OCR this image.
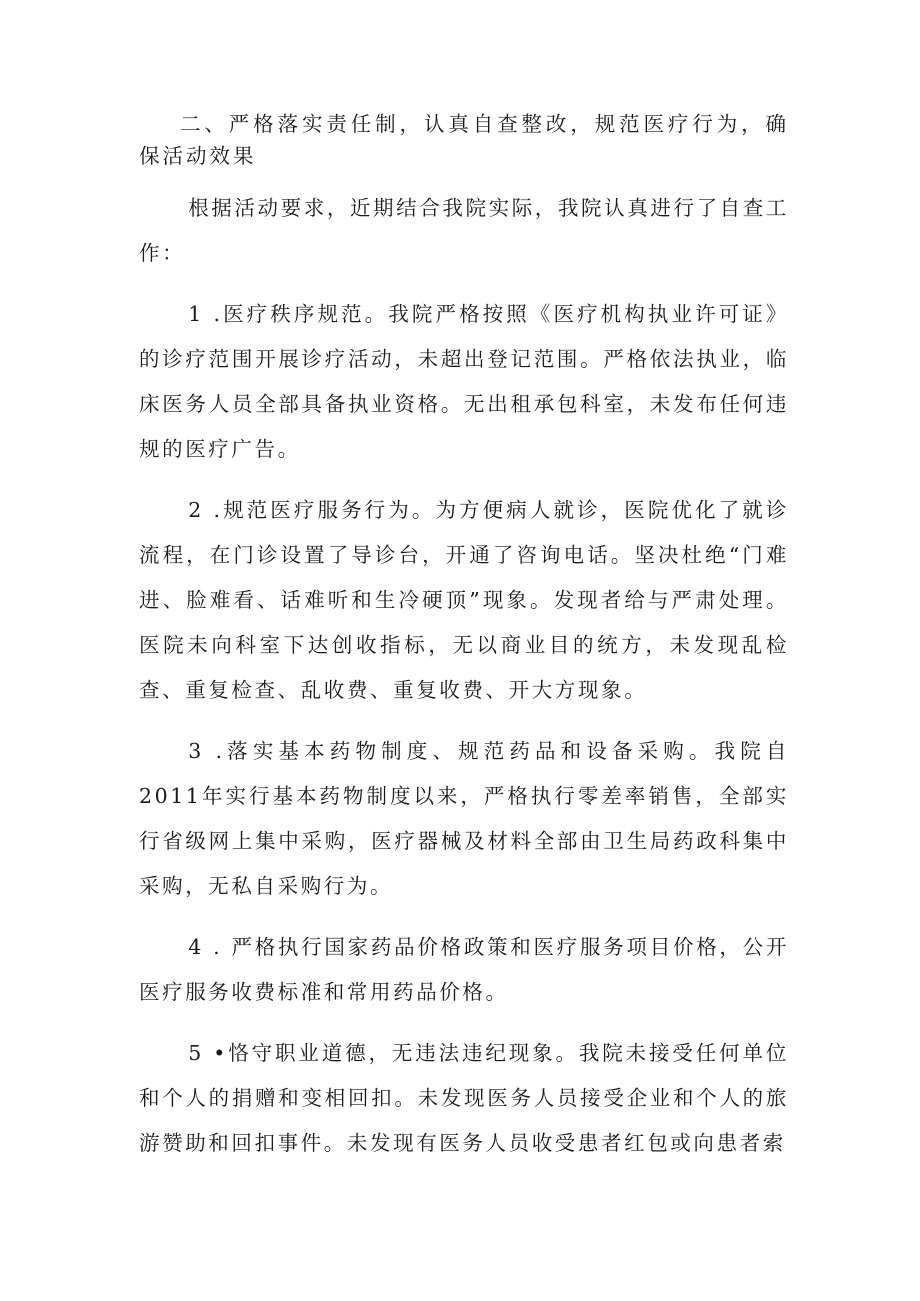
二、严格落实责任制，认真自查整改，规范医疗行为，确保活动效果

根据活动要求，近期结合我院实际，我院认真进行了自查工作：

1 .医疗秩序规范。我院严格按照《医疗机构执业许可证》的诊疗范围开展诊疗活动，未超出登记范围。严格依法执业，临床医务人员全部具备执业资格。无出租承包科室，未发布任何违规的医疗广告。

2 .规范医疗服务行为。为方便病人就诊，医院优化了就诊流程，在门诊设置了导诊台，开通了咨询电话。坚决杜绝“门难进、脸难看、话难听和生冷硬顶”现象。发现者给与严肃处理。医院未向科室下达创收指标，无以商业目的统方，未发现乱检查、重复检查、乱收费、重复收费、开大方现象。

3 .落实基本药物制度、规范药品和设备采购。我院自2011年实行基本药物制度以来，严格执行零差率销售，全部实行省级网上集中采购，医疗器械及材料全部由卫生局药政科集中采购，无私自采购行为。

4 . 严格执行国家药品价格政策和医疗服务项目价格，公开医疗服务收费标准和常用药品价格。

5 •恪守职业道德，无违法违纪现象。我院未接受任何单位和个人的捐赠和变相回扣。未发现医务人员接受企业和个人的旅游赞助和回扣事件。未发现有医务人员收受患者红包或向患者索
